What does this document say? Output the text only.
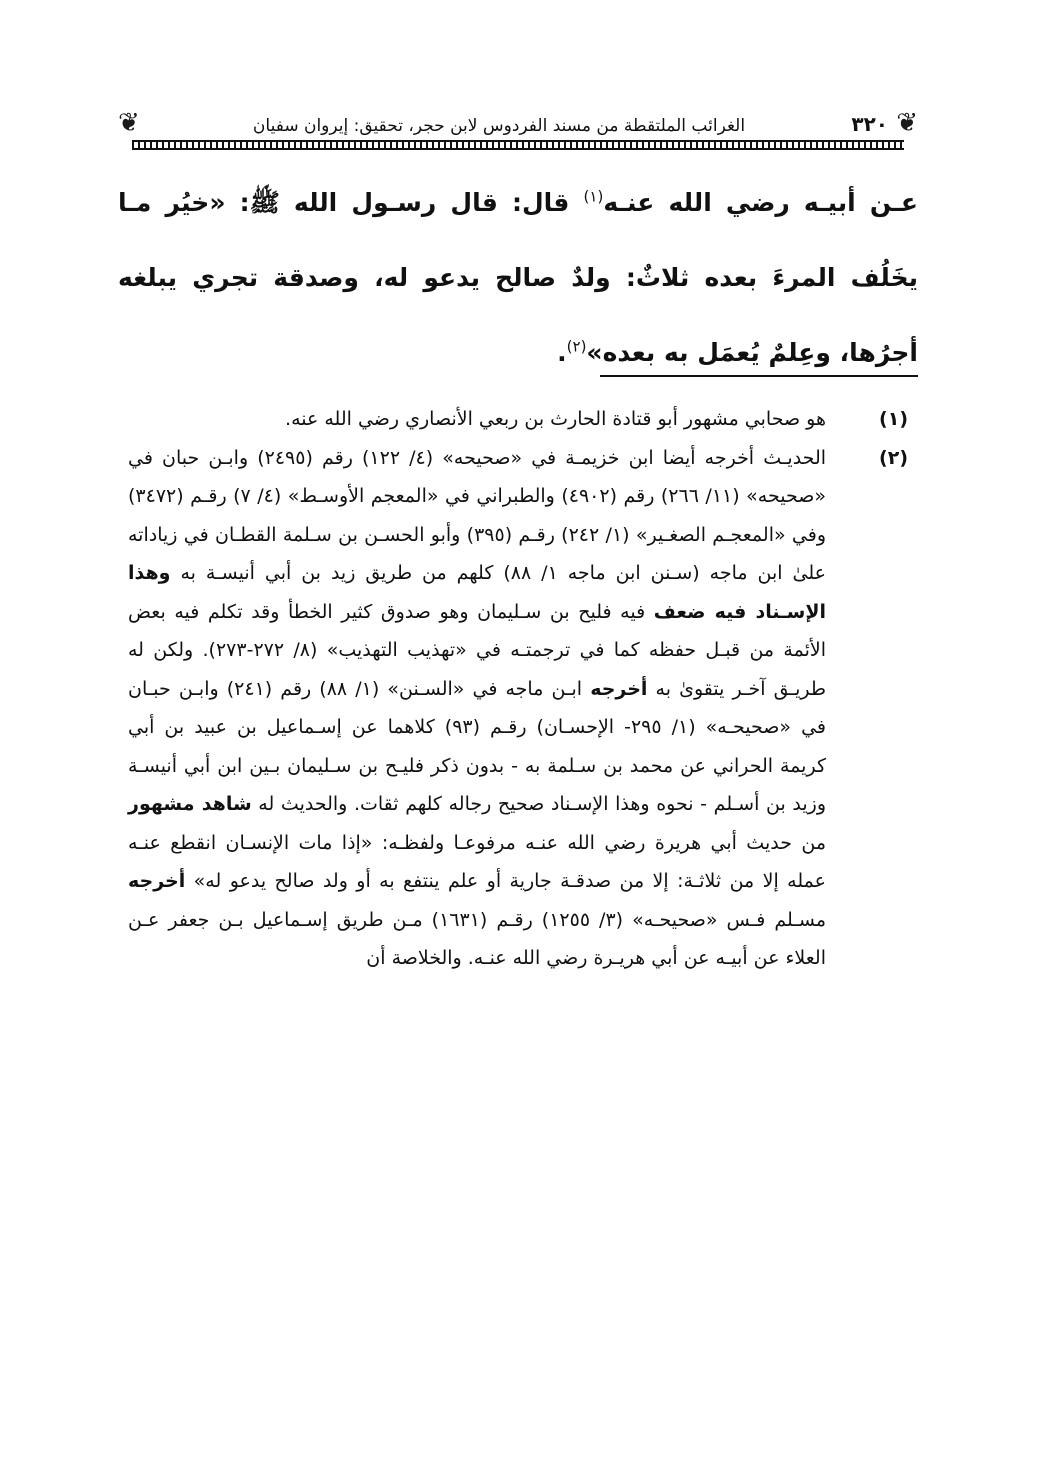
❦	الغرائب الملتقطة من مسند الفردوس لابن حجر، تحقيق: إيروان سفيان	٣٢٠ ❦
عـن أبيـه رضي الله عنـه$^{(١)}$ قال: قال رسـول الله ﷺ: «خيُر مـا يخَلُف المرءَ بعده ثلاثٌ: ولدٌ صالح يدعو له، وصدقة تجري يبلغه أجرُها، وعِلمٌ يُعمَل به بعده»$^{(٢)}$.
(١)
هو صحابي مشهور أبو قتادة الحارث بن ربعي الأنصاري رضي الله عنه.
(٢)
الحديـث أخرجه أيضا ابن خزيمـة في «صحيحه» (٤/ ١٢٢) رقم (٢٤٩٥) وابـن حبان في «صحيحه» (١١/ ٢٦٦) رقم (٤٩٠٢) والطبراني في «المعجم الأوسـط» (٤/ ٧) رقـم (٣٤٧٢) وفي «المعجـم الصغـير» (١/ ٢٤٢) رقـم (٣٩٥) وأبو الحسـن بن سـلمة القطـان في زياداته علىٰ ابن ماجه (سـنن ابن ماجه ١/ ٨٨) كلهم من طريق زيد بن أبي أنيسـة به وهذا الإسـناد فيه ضعف فيه فليح بن سـليمان وهو صدوق كثير الخطأ وقد تكلم فيه بعض الأئمة من قبـل حفظه كما في ترجمتـه في «تهذيب التهذيب» (٨/ ٢٧٢-٢٧٣). ولكن له طريـق آخـر يتقوىٰ به أخرجه ابـن ماجه في «السـنن» (١/ ٨٨) رقم (٢٤١) وابـن حبـان في «صحيحـه» (١/ ٢٩٥- الإحسـان) رقـم (٩٣) كلاهما عن إسـماعيل بن عبيد بن أبي كريمة الحراني عن محمد بن سـلمة به - بدون ذكر فليـح بن سـليمان بـين ابن أبي أنيسـة وزيد بن أسـلم - نحوه وهذا الإسـناد صحيح رجاله كلهم ثقات. والحديث له شاهد مشهور من حديث أبي هريرة رضي الله عنـه مرفوعـا ولفظـه: «إذا مات الإنسـان انقطع عنـه عمله إلا من ثلاثـة: إلا من صدقـة جارية أو علم ينتفع به أو ولد صالح يدعو له» أخرجه مسـلم فـس «صحيحـه» (٣/ ١٢٥٥) رقـم (١٦٣١) مـن طريق إسـماعيل بـن جعفر عـن العلاء عن أبيـه عن أبي هريـرة رضي الله عنـه. والخلاصة أن
